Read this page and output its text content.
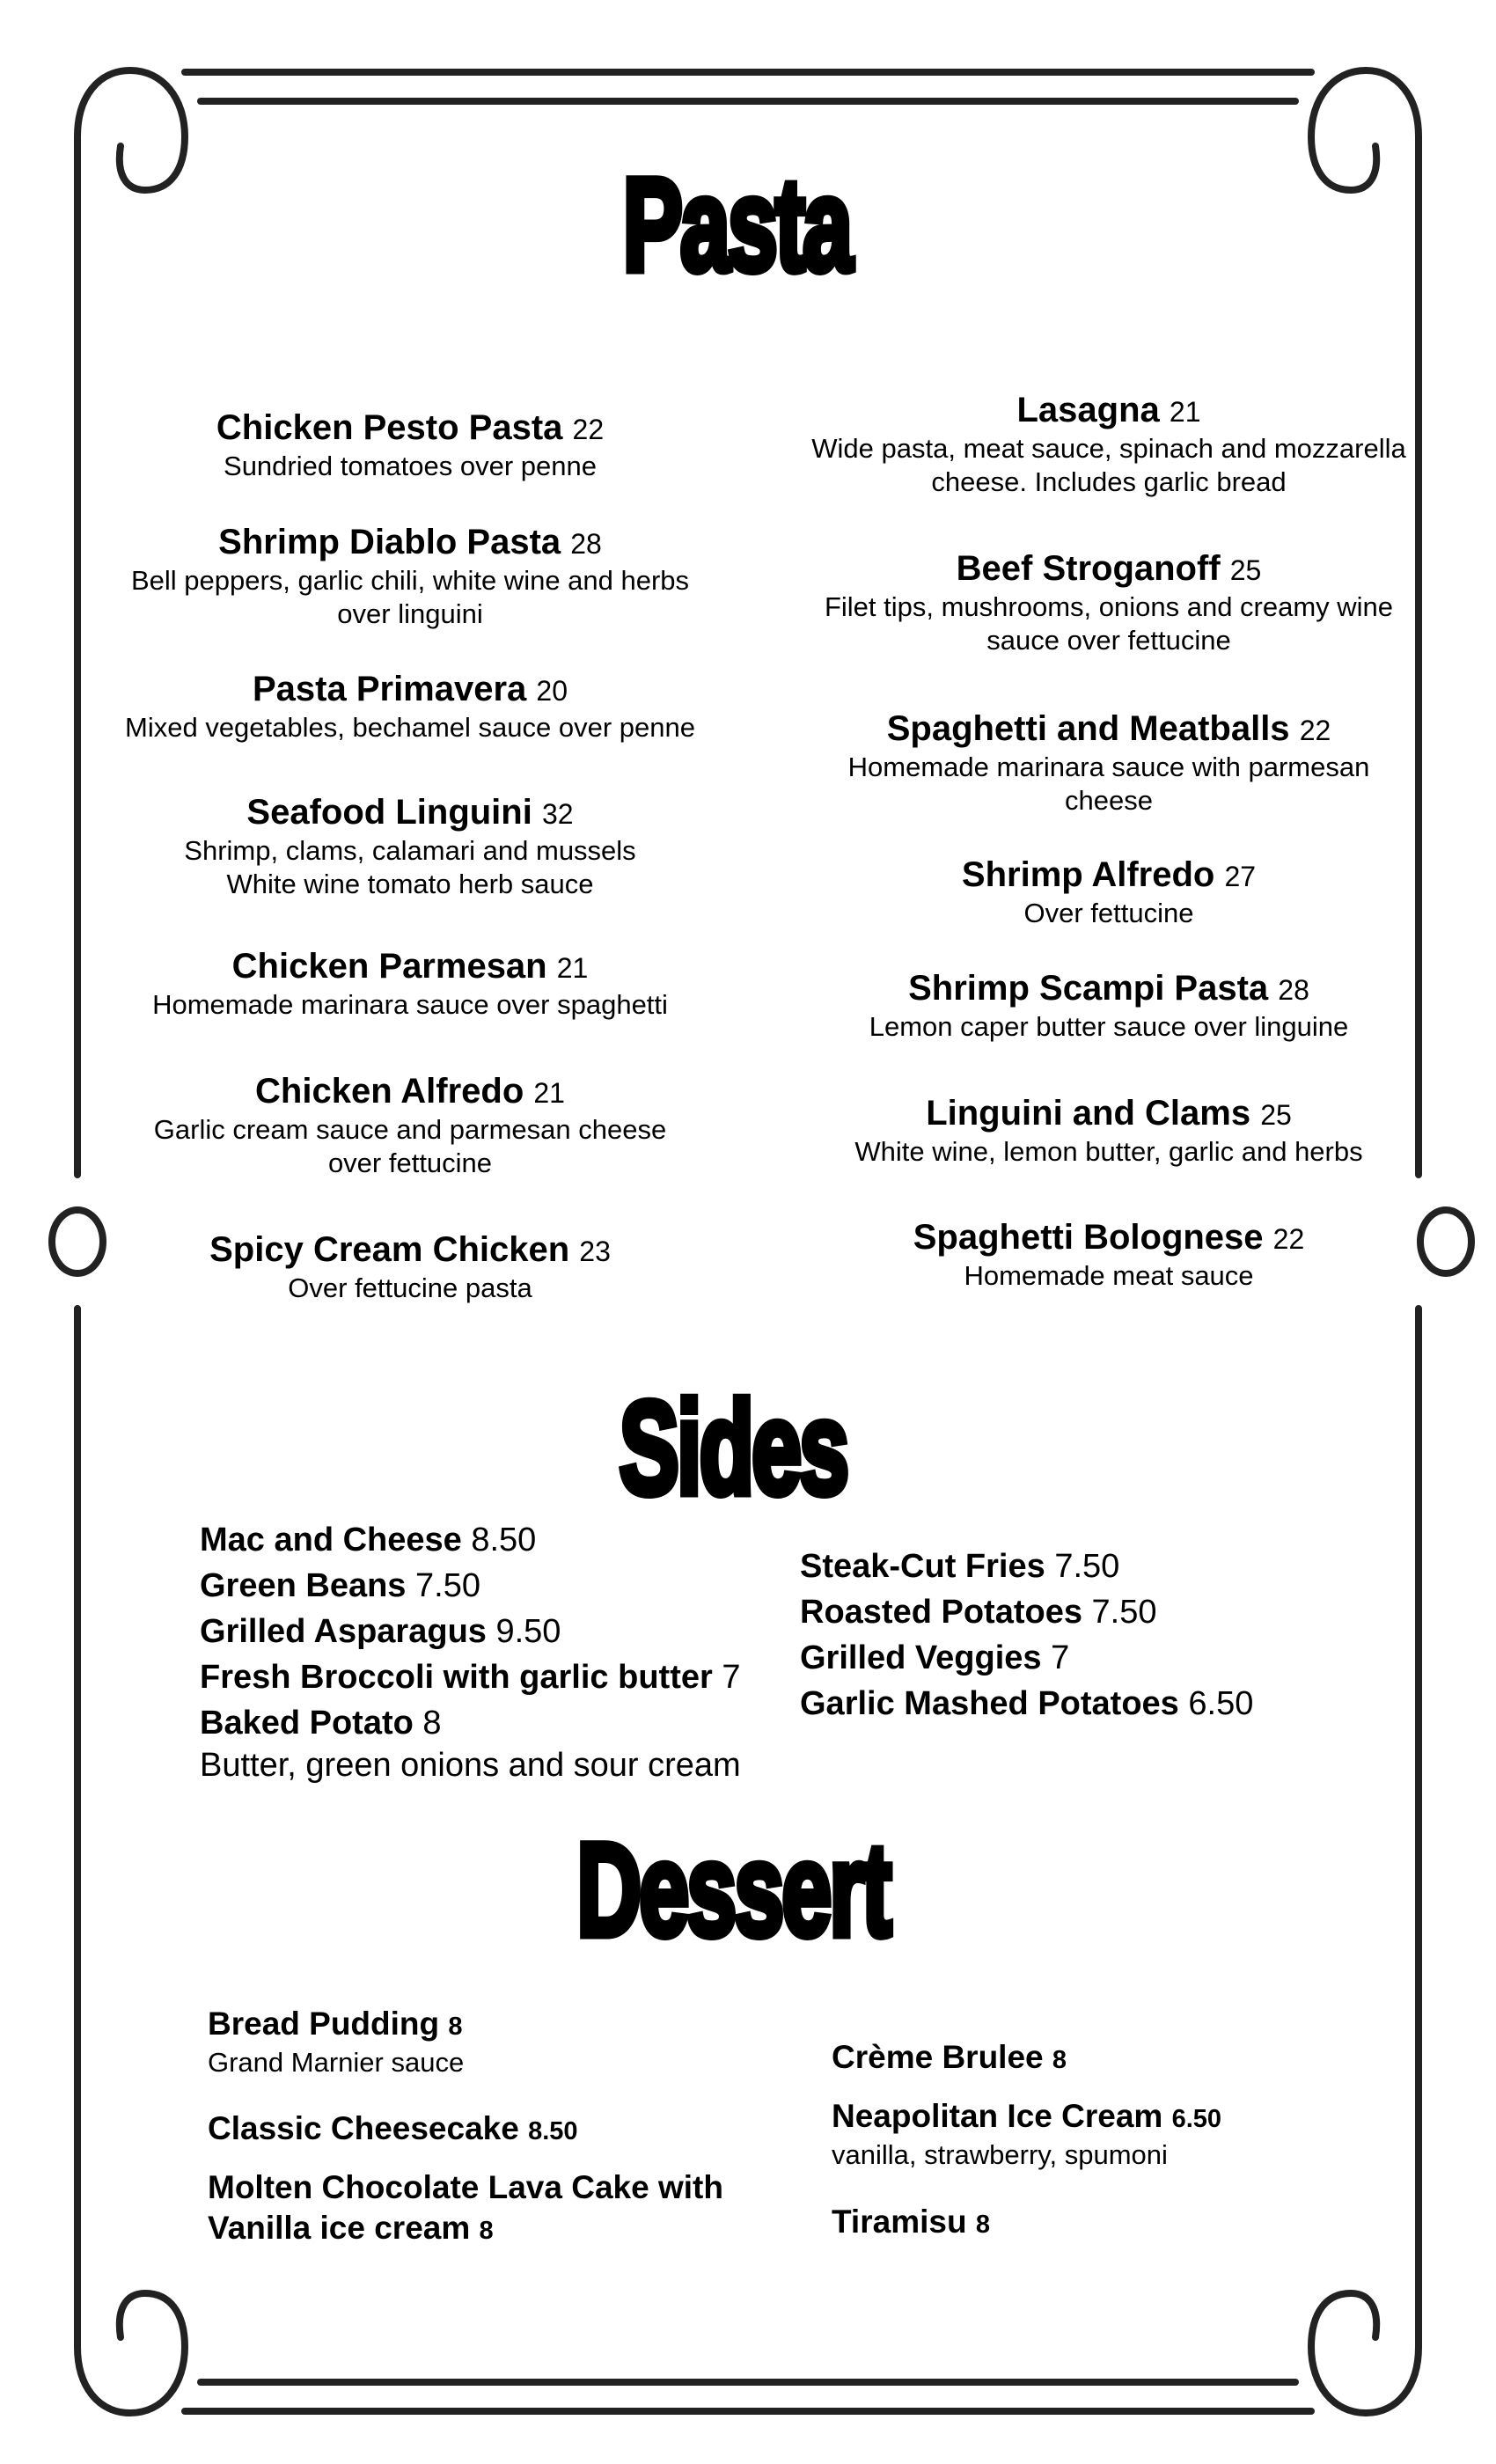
Pasta
Sides
Dessert
Chicken Pesto Pasta 22
Sundried tomatoes over penne
Shrimp Diablo Pasta 28
Bell peppers, garlic chili, white wine and herbs
over linguini
Pasta Primavera 20
Mixed vegetables, bechamel sauce over penne
Seafood Linguini 32
Shrimp, clams, calamari and mussels
White wine tomato herb sauce
Chicken Parmesan 21
Homemade marinara sauce over spaghetti
Chicken Alfredo 21
Garlic cream sauce and parmesan cheese
over fettucine
Spicy Cream Chicken 23
Over fettucine pasta
Lasagna 21
Wide pasta, meat sauce, spinach and mozzarella
cheese. Includes garlic bread
Beef Stroganoff 25
Filet tips, mushrooms, onions and creamy wine
sauce over fettucine
Spaghetti and Meatballs 22
Homemade marinara sauce with parmesan
cheese
Shrimp Alfredo 27
Over fettucine
Shrimp Scampi Pasta 28
Lemon caper butter sauce over linguine
Linguini and Clams 25
White wine, lemon butter, garlic and herbs
Spaghetti Bolognese 22
Homemade meat sauce
Mac and Cheese 8.50
Green Beans 7.50
Grilled Asparagus 9.50
Fresh Broccoli with garlic butter 7
Baked Potato 8
Butter, green onions and sour cream
Steak-Cut Fries 7.50
Roasted Potatoes 7.50
Grilled Veggies 7
Garlic Mashed Potatoes 6.50
Bread Pudding 8
Grand Marnier sauce
Classic Cheesecake 8.50
Molten Chocolate Lava Cake with
Vanilla ice cream 8
Crème Brulee 8
Neapolitan Ice Cream 6.50
vanilla, strawberry, spumoni
Tiramisu 8
